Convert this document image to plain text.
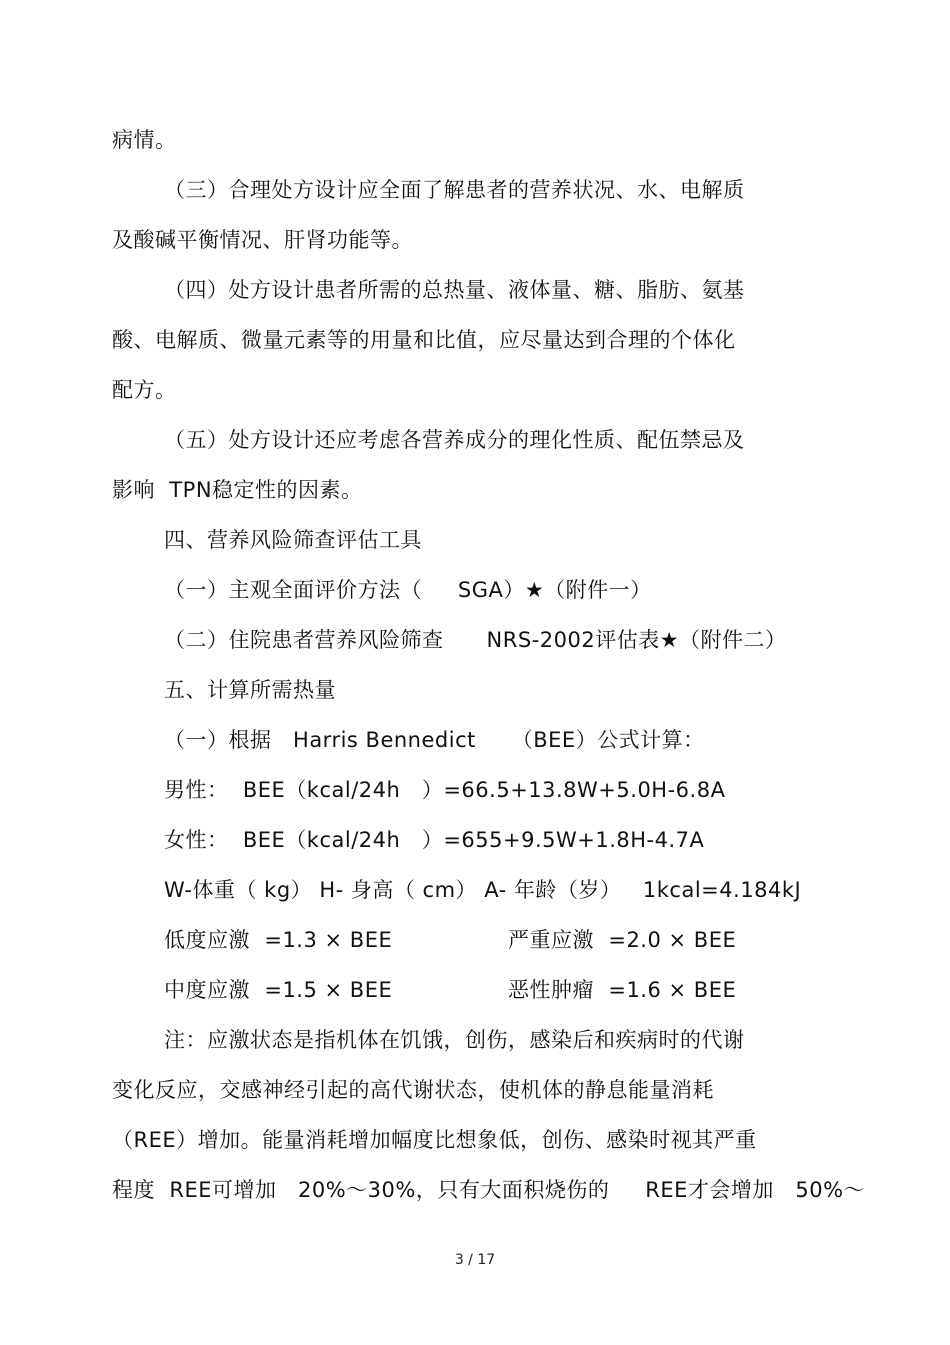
病情。
（三）合理处方设计应全面了解患者的营养状况、水、电解质
及酸碱平衡情况、肝肾功能等。
（四）处方设计患者所需的总热量、液体量、糖、脂肪、氨基
酸、电解质、微量元素等的用量和比值，应尽量达到合理的个体化
配方。
（五）处方设计还应考虑各营养成分的理化性质、配伍禁忌及
影响  TPN稳定性的因素。
四、营养风险筛查评估工具
（一）主观全面评价方法（     SGA）★（附件一）
（二）住院患者营养风险筛查      NRS-2002评估表★（附件二）
五、计算所需热量
（一）根据   Harris Bennedict     （BEE）公式计算：
男性：  BEE（kcal/24h   ）=66.5+13.8W+5.0H-6.8A
女性：  BEE（kcal/24h   ）=655+9.5W+1.8H-4.7A
W-体重（ kg） H- 身高（ cm） A- 年龄（岁）   1kcal=4.184kJ
低度应激  =1.3 × BEE	严重应激  =2.0 × BEE
中度应激  =1.5 × BEE	恶性肿瘤  =1.6 × BEE
注：应激状态是指机体在饥饿，创伤，感染后和疾病时的代谢
变化反应，交感神经引起的高代谢状态，使机体的静息能量消耗
（REE）增加。能量消耗增加幅度比想象低，创伤、感染时视其严重
程度  REE可增加   20%～30%，只有大面积烧伤的     REE才会增加   50%～
3 / 17
